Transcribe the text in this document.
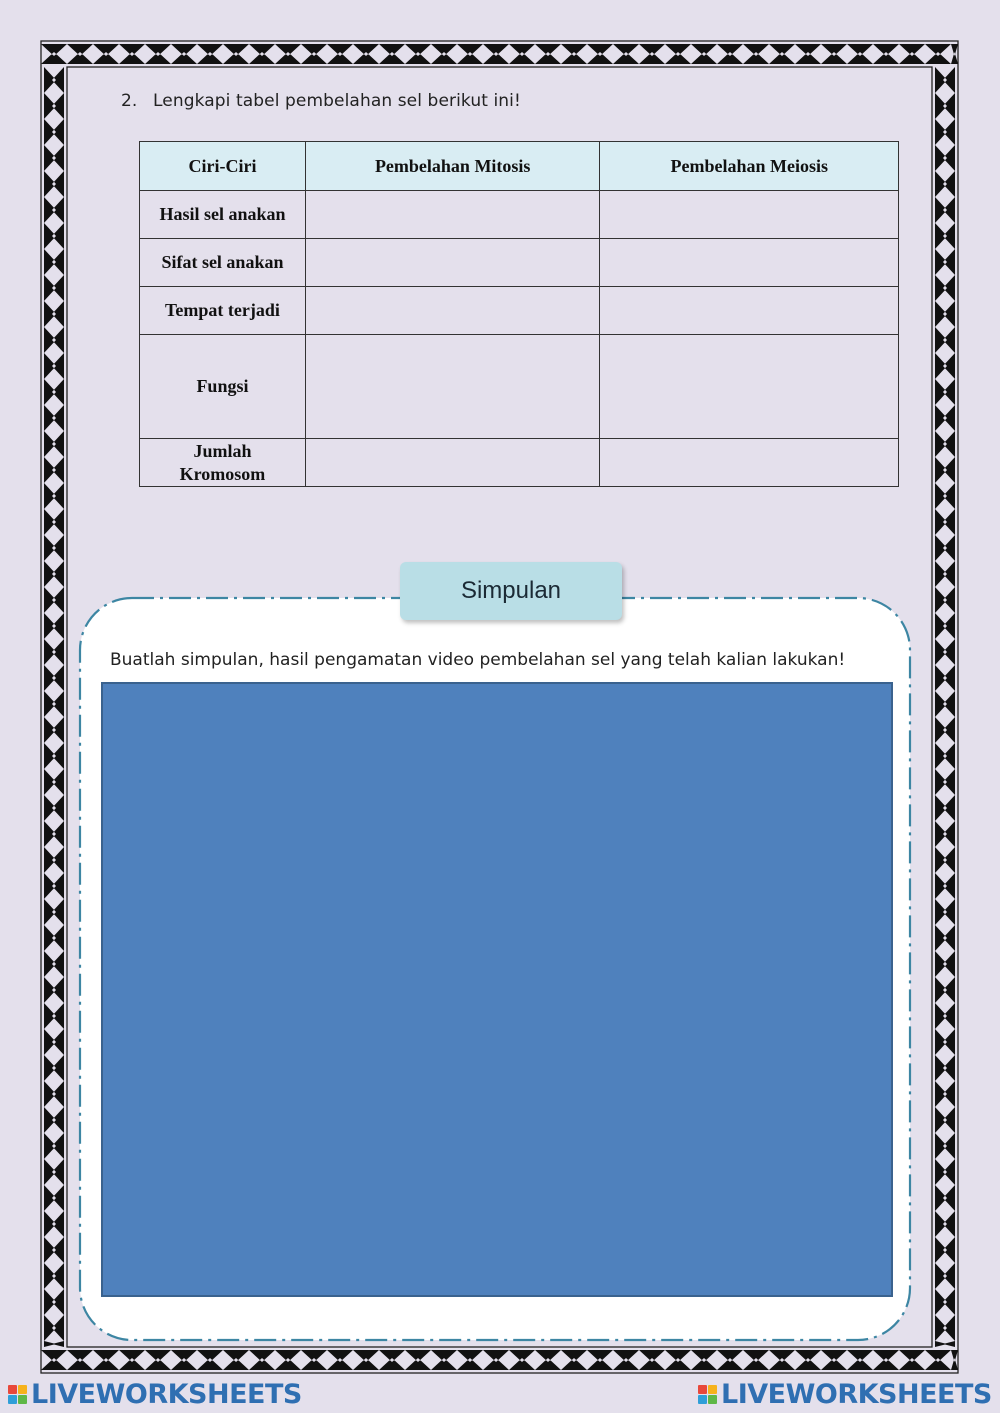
2. Lengkapi tabel pembelahan sel berikut ini!
Ciri-Ciri	Pembelahan Mitosis	Pembelahan Meiosis
Hasil sel anakan		
Sifat sel anakan		
Tempat terjadi		
Fungsi		
Jumlah Kromosom		
Simpulan
Buatlah simpulan, hasil pengamatan video pembelahan sel yang telah kalian lakukan!
LIVEWORKSHEETS	LIVEWORKSHEETS
